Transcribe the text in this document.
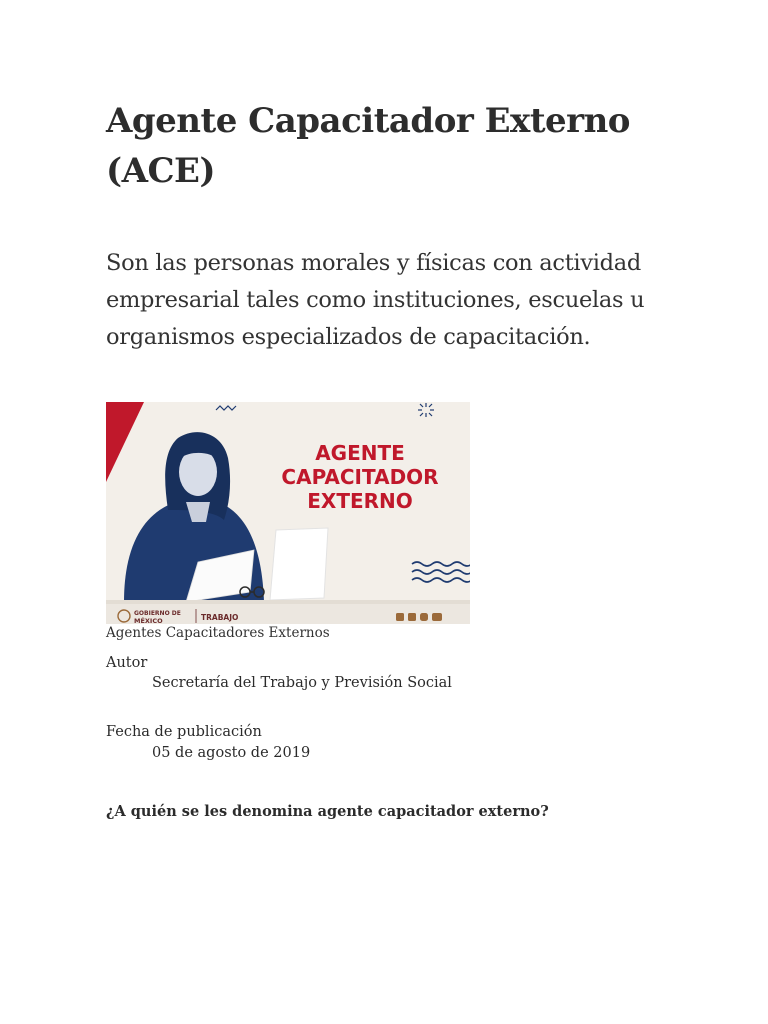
Agente Capacitador Externo (ACE)

Son las personas morales y físicas con actividad empresarial tales como instituciones, escuelas u organismos especializados de capacitación.

AGENTE
CAPACITADOR
EXTERNO
GOBIERNO DE
MÉXICO	TRABAJO

Agentes Capacitadores Externos

Autor

Secretaría del Trabajo y Previsión Social

Fecha de publicación

05 de agosto de 2019

¿A quién se les denomina agente capacitador externo?
